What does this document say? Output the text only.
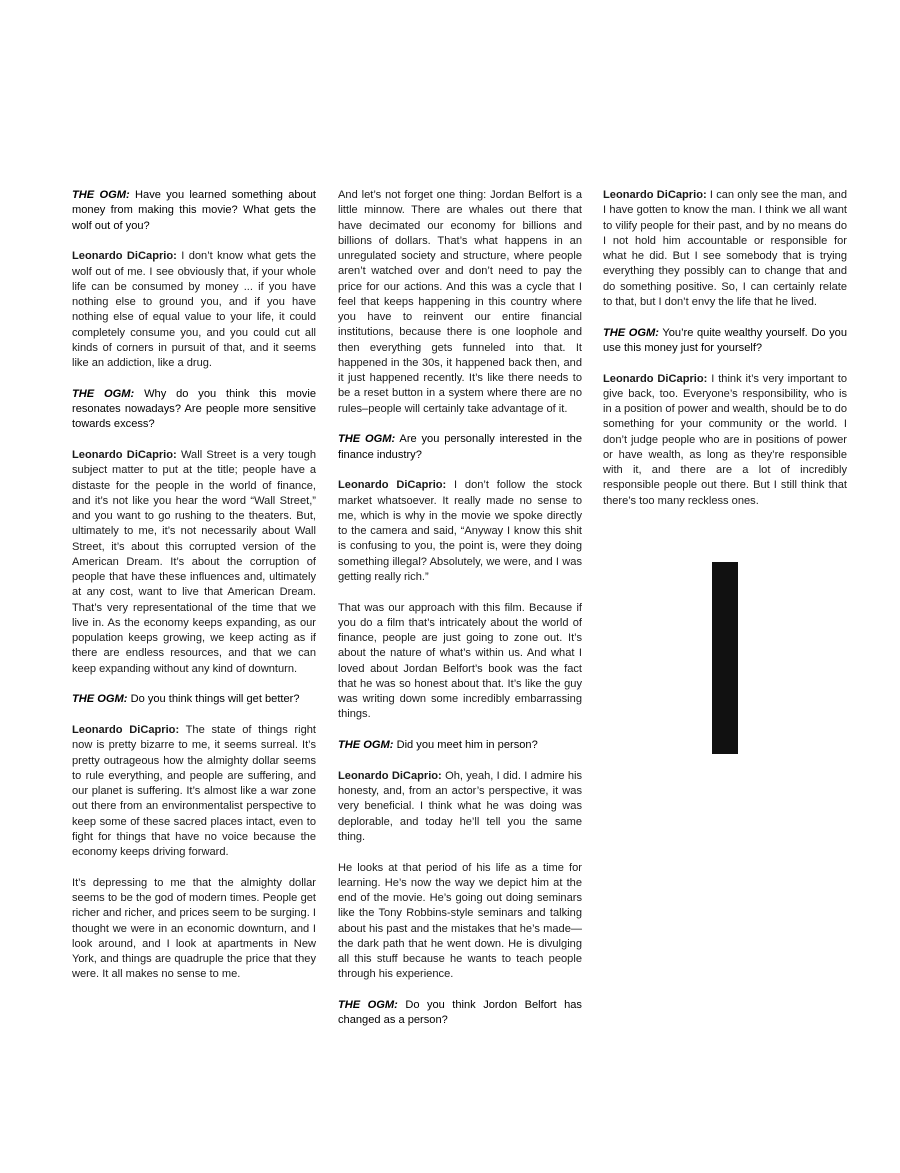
THE OGM: Have you learned something about money from making this movie? What gets the wolf out of you?

Leonardo DiCaprio: I don’t know what gets the wolf out of me. I see obviously that, if your whole life can be consumed by money ... if you have nothing else to ground you, and if you have nothing else of equal value to your life, it could completely consume you, and you could cut all kinds of corners in pursuit of that, and it seems like an addiction, like a drug.

THE OGM: Why do you think this movie resonates nowadays? Are people more sensitive towards excess?

Leonardo DiCaprio: Wall Street is a very tough subject matter to put at the title; people have a distaste for the people in the world of finance, and it’s not like you hear the word “Wall Street,” and you want to go rushing to the theaters. But, ultimately to me, it’s not necessarily about Wall Street, it’s about this corrupted version of the American Dream. It’s about the corruption of people that have these influences and, ultimately at any cost, want to live that American Dream. That’s very representational of the time that we live in. As the economy keeps expanding, as our population keeps growing, we keep acting as if there are endless resources, and that we can keep expanding without any kind of downturn.

THE OGM: Do you think things will get better?

Leonardo DiCaprio: The state of things right now is pretty bizarre to me, it seems surreal. It’s pretty outrageous how the almighty dollar seems to rule everything, and people are suffering, and our planet is suffering. It’s almost like a war zone out there from an environmentalist perspective to keep some of these sacred places intact, even to fight for things that have no voice because the economy keeps driving forward.

It’s depressing to me that the almighty dollar seems to be the god of modern times. People get richer and richer, and prices seem to be surging. I thought we were in an economic downturn, and I look around, and I look at apartments in New York, and things are quadruple the price that they were. It all makes no sense to me.

And let’s not forget one thing: Jordan Belfort is a little minnow. There are whales out there that have decimated our economy for billions and billions of dollars. That’s what happens in an unregulated society and structure, where people aren’t watched over and don’t need to pay the price for our actions. And this was a cycle that I feel that keeps happening in this country where you have to reinvent our entire financial institutions, because there is one loophole and then everything gets funneled into that. It happened in the 30s, it happened back then, and it just happened recently. It’s like there needs to be a reset button in a system where there are no rules–people will certainly take advantage of it.

THE OGM: Are you personally interested in the finance industry?

Leonardo DiCaprio: I don’t follow the stock market whatsoever. It really made no sense to me, which is why in the movie we spoke directly to the camera and said, “Anyway I know this shit is confusing to you, the point is, were they doing something illegal? Absolutely, we were, and I was getting really rich.”

That was our approach with this film. Because if you do a film that’s intricately about the world of finance, people are just going to zone out. It’s about the nature of what’s within us. And what I loved about Jordan Belfort’s book was the fact that he was so honest about that. It’s like the guy was writing down some incredibly embarrassing things.

THE OGM: Did you meet him in person?

Leonardo DiCaprio: Oh, yeah, I did. I admire his honesty, and, from an actor’s perspective, it was very beneficial. I think what he was doing was deplorable, and today he’ll tell you the same thing.

He looks at that period of his life as a time for learning. He’s now the way we depict him at the end of the movie. He’s going out doing seminars like the Tony Robbins-style seminars and talking about his past and the mistakes that he’s made—the dark path that he went down. He is divulging all this stuff because he wants to teach people through his experience.

THE OGM: Do you think Jordon Belfort has changed as a person?

Leonardo DiCaprio: I can only see the man, and I have gotten to know the man. I think we all want to vilify people for their past, and by no means do I not hold him accountable or responsible for what he did. But I see somebody that is trying everything they possibly can to change that and do something positive. So, I can certainly relate to that, but I don’t envy the life that he lived.

THE OGM: You’re quite wealthy yourself. Do you use this money just for yourself?

Leonardo DiCaprio: I think it’s very important to give back, too. Everyone’s responsibility, who is in a position of power and wealth, should be to do something for your community or the world. I don’t judge people who are in positions of power or have wealth, as long as they’re responsible with it, and there are a lot of incredibly responsible people out there. But I still think that there’s too many reckless ones.
